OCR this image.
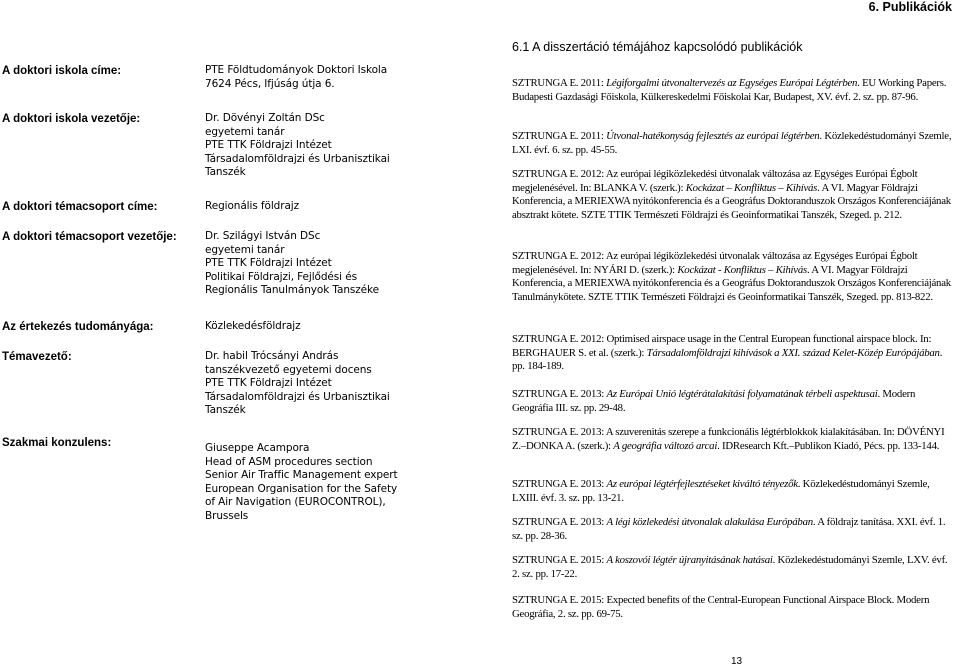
6. Publikációk
A doktori iskola címe:	PTE Földtudományok Doktori Iskola
7624 Pécs, Ifjúság útja 6.
A doktori iskola vezetője:	Dr. Dövényi Zoltán DSc
egyetemi tanár
PTE TTK Földrajzi Intézet
Társadalomföldrajzi és Urbanisztikai
Tanszék
A doktori témacsoport címe:	Regionális földrajz
A doktori témacsoport vezetője:	Dr. Szilágyi István DSc
egyetemi tanár
PTE TTK Földrajzi Intézet
Politikai Földrajzi, Fejlődési és
Regionális Tanulmányok Tanszéke
Az értekezés tudományága:	Közlekedésföldrajz
Témavezető:	Dr. habil Trócsányi András
tanszékvezető egyetemi docens
PTE TTK Földrajzi Intézet
Társadalomföldrajzi és Urbanisztikai
Tanszék
Szakmai konzulens:	Giuseppe Acampora
Head of ASM procedures section
Senior Air Traffic Management expert
European Organisation for the Safety
of Air Navigation (EUROCONTROL),
Brussels
6.1 A disszertáció témájához kapcsolódó publikációk
SZTRUNGA E. 2011: Légiforgalmi útvonaltervezés az Egységes Európai Légtérben. EU Working Papers. Budapesti Gazdasági Főiskola, Külkereskedelmi Főiskolai Kar, Budapest, XV. évf. 2. sz. pp. 87-96.
SZTRUNGA E. 2011: Útvonal-hatékonyság fejlesztés az európai légtérben. Közlekedéstudományi Szemle, LXI. évf. 6. sz. pp. 45-55.
SZTRUNGA E. 2012: Az európai légiközlekedési útvonalak változása az Egységes Európai Égbolt megjelenésével. In: BLANKA V. (szerk.): Kockázat – Konfliktus – Kihívás. A VI. Magyar Földrajzi Konferencia, a MERIEXWA nyitókonferencia és a Geográfus Doktoranduszok Országos Konferenciájának absztrakt kötete. SZTE TTIK Természeti Földrajzi és Geoinformatikai Tanszék, Szeged. p. 212.
SZTRUNGA E. 2012: Az európai légiközlekedési útvonalak változása az Egységes Európai Égbolt megjelenésével. In: NYÁRI D. (szerk.): Kockázat - Konfliktus – Kihívás. A VI. Magyar Földrajzi Konferencia, a MERIEXWA nyitókonferencia és a Geográfus Doktoranduszok Országos Konferenciájának Tanulmánykötete. SZTE TTIK Természeti Földrajzi és Geoinformatikai Tanszék, Szeged. pp. 813-822.
SZTRUNGA E. 2012: Optimised airspace usage in the Central European functional airspace block. In: BERGHAUER S. et al. (szerk.): Társadalomföldrajzi kihívások a XXI. század Kelet-Közép Európájában. pp. 184-189.
SZTRUNGA E. 2013: Az Európai Unió légtérátalakítási folyamatának térbeli aspektusai. Modern Geográfia III. sz. pp. 29-48.
SZTRUNGA E. 2013: A szuverenitás szerepe a funkcionális légtérblokkok kialakításában. In: DÖVÉNYI Z.–DONKA A. (szerk.): A geográfia változó arcai. IDResearch Kft.–Publikon Kiadó, Pécs. pp. 133-144.
SZTRUNGA E. 2013: Az európai légtérfejlesztéseket kiváltó tényezők. Közlekedéstudományi Szemle, LXIII. évf. 3. sz. pp. 13-21.
SZTRUNGA E. 2013: A légi közlekedési útvonalak alakulása Európában. A földrajz tanítása. XXI. évf. 1. sz. pp. 28-36.
SZTRUNGA E. 2015: A koszovói légtér újranyitásának hatásai. Közlekedéstudományi Szemle, LXV. évf. 2. sz. pp. 17-22.
SZTRUNGA E. 2015: Expected benefits of the Central-European Functional Airspace Block. Modern Geográfia, 2. sz. pp. 69-75.
13
